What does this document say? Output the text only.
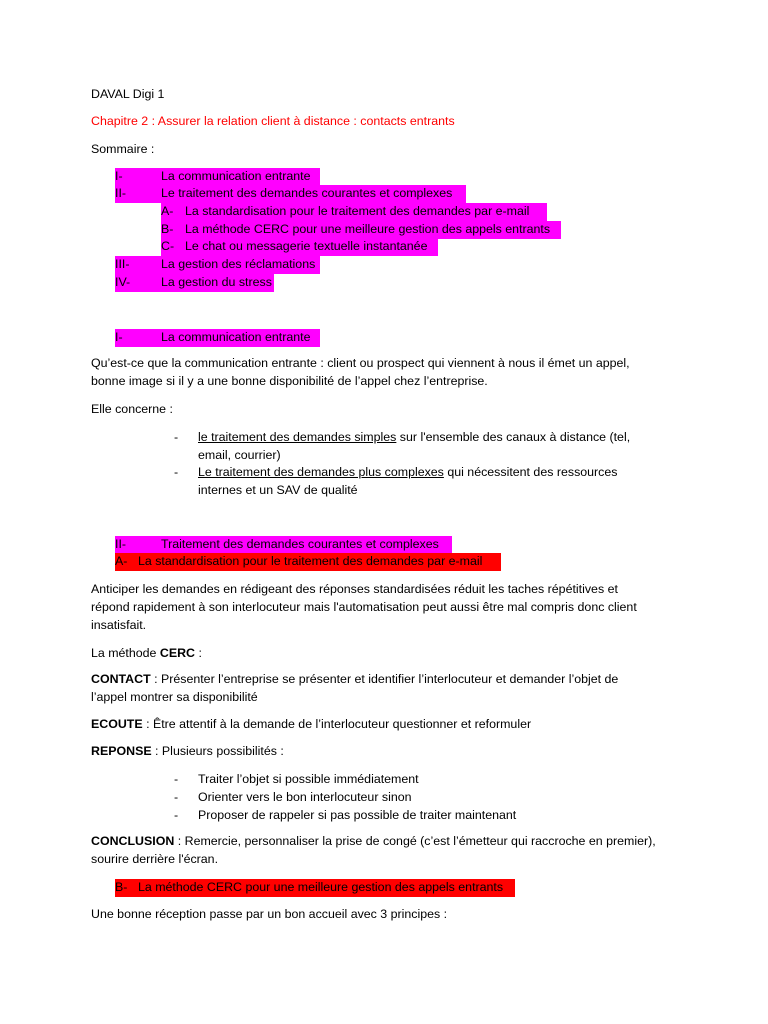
DAVAL Digi 1
Chapitre 2 : Assurer la relation client à distance : contacts entrants
Sommaire :
I-	La communication entrante
II-	Le traitement des demandes courantes et complexes
A- La standardisation pour le traitement des demandes par e-mail
B- La méthode CERC pour une meilleure gestion des appels entrants
C- Le chat ou messagerie textuelle instantanée
III-	La gestion des réclamations
IV- La gestion du stress
I-	La communication entrante
Qu’est-ce que la communication entrante : client ou prospect qui viennent à nous il émet un appel,
bonne image si il y a une bonne disponibilité de l’appel chez l’entreprise.
Elle concerne :
- le traitement des demandes simples sur l'ensemble des canaux à distance (tel,
email, courrier)
- Le traitement des demandes plus complexes qui nécessitent des ressources
internes et un SAV de qualité
II-	Traitement des demandes courantes et complexes
A- La standardisation pour le traitement des demandes par e-mail
Anticiper les demandes en rédigeant des réponses standardisées réduit les taches répétitives et
répond rapidement à son interlocuteur mais l'automatisation peut aussi être mal compris donc client
insatisfait.
La méthode CERC :
CONTACT : Présenter l’entreprise se présenter et identifier l’interlocuteur et demander l’objet de
l’appel montrer sa disponibilité
ECOUTE : Être attentif à la demande de l’interlocuteur questionner et reformuler
REPONSE : Plusieurs possibilités :
- Traiter l’objet si possible immédiatement
- Orienter vers le bon interlocuteur sinon
- Proposer de rappeler si pas possible de traiter maintenant
CONCLUSION : Remercie, personnaliser la prise de congé (c’est l’émetteur qui raccroche en premier),
sourire derrière l'écran.
B- La méthode CERC pour une meilleure gestion des appels entrants
Une bonne réception passe par un bon accueil avec 3 principes :
